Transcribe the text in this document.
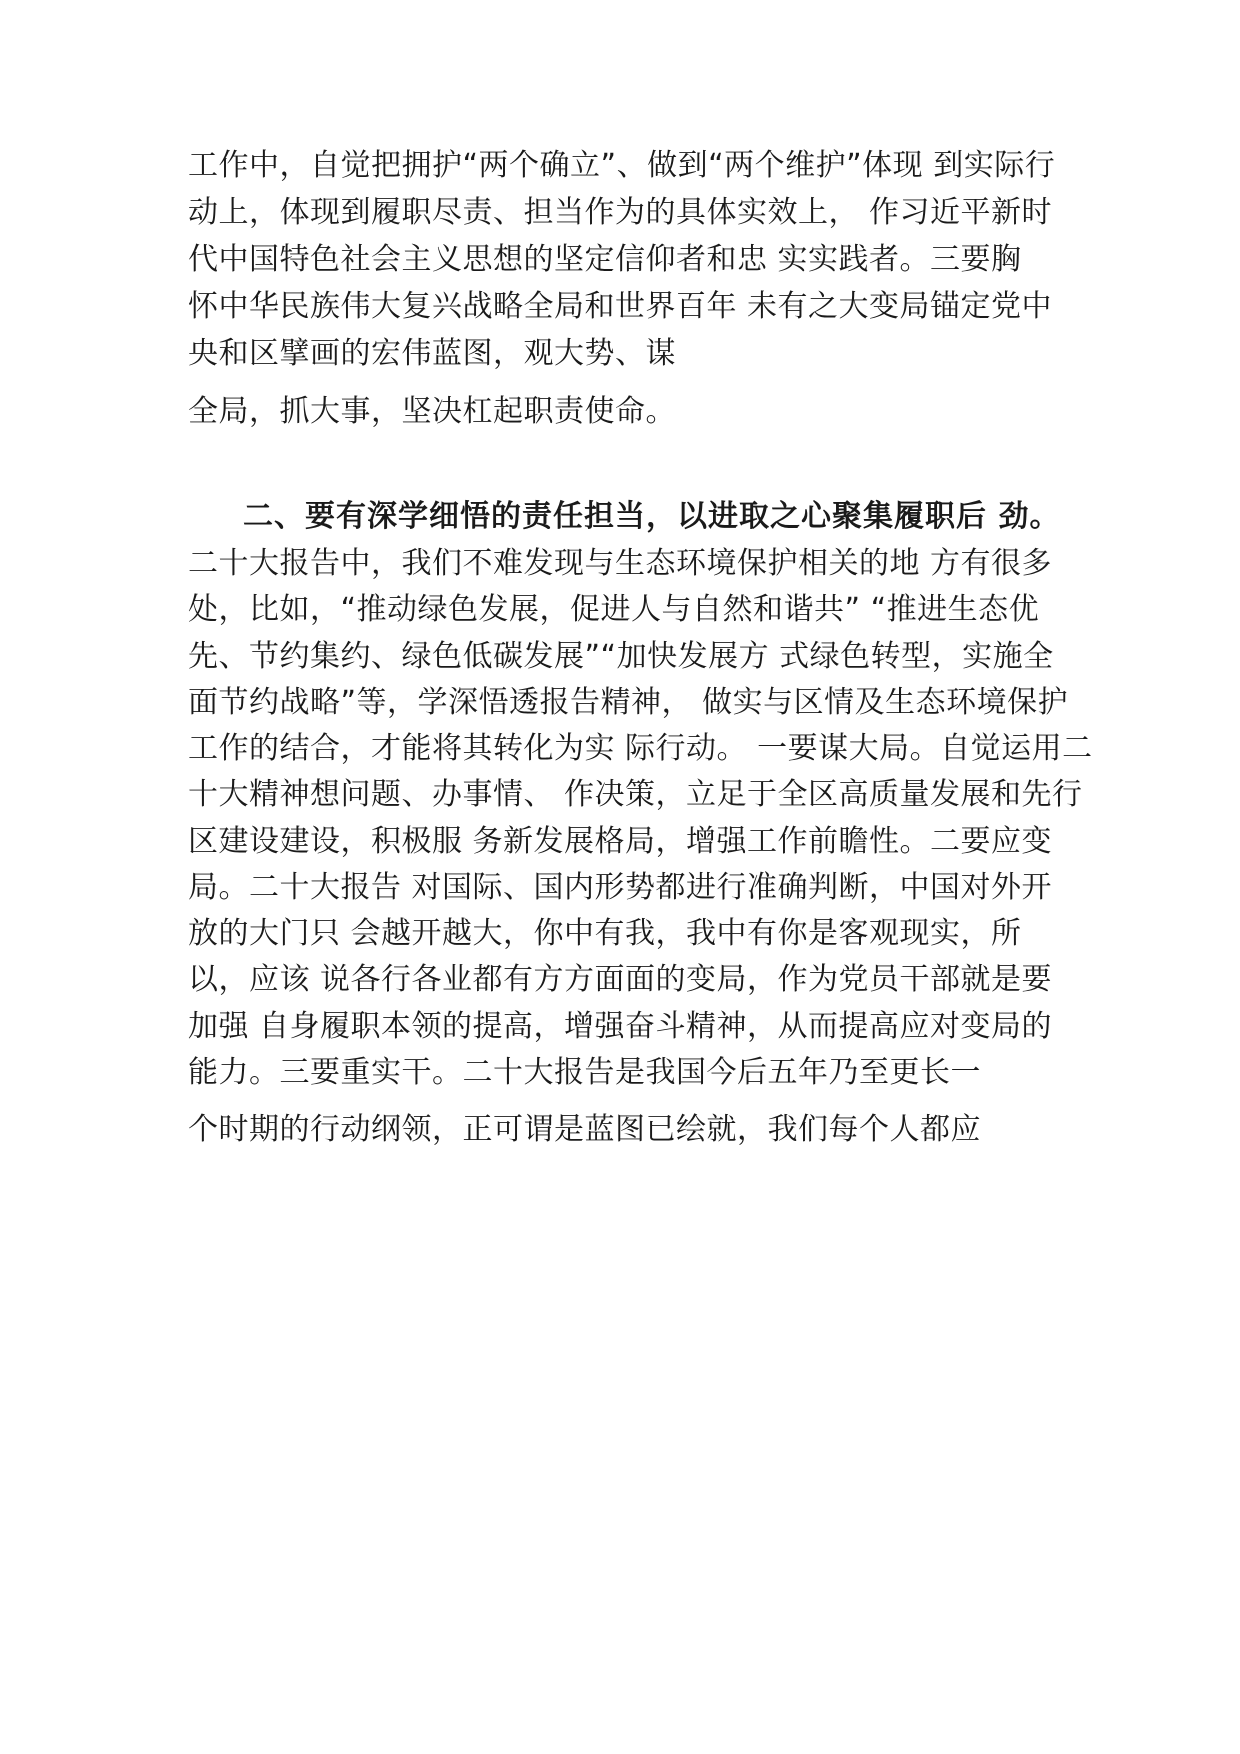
工作中，自觉把拥护“两个确立”、做到“两个维护”体现 到实际行

动上，体现到履职尽责、担当作为的具体实效上， 作习近平新时

代中国特色社会主义思想的坚定信仰者和忠 实实践者。三要胸

怀中华民族伟大复兴战略全局和世界百年 未有之大变局锚定党中

央和区擘画的宏伟蓝图，观大势、谋

全局，抓大事，坚决杠起职责使命。

二、要有深学细悟的责任担当，以进取之心聚集履职后 劲。

二十大报告中，我们不难发现与生态环境保护相关的地 方有很多

处，比如，“推动绿色发展，促进人与自然和谐共” “推进生态优

先、节约集约、绿色低碳发展”“加快发展方 式绿色转型，实施全

面节约战略”等，学深悟透报告精神， 做实与区情及生态环境保护

工作的结合，才能将其转化为实 际行动。 一要谋大局。自觉运用二

十大精神想问题、办事情、 作决策，立足于全区高质量发展和先行

区建设建设，积极服 务新发展格局，增强工作前瞻性。二要应变

局。二十大报告 对国际、国内形势都进行准确判断，中国对外开

放的大门只 会越开越大，你中有我，我中有你是客观现实，所

以，应该 说各行各业都有方方面面的变局，作为党员干部就是要

加强 自身履职本领的提高，增强奋斗精神，从而提高应对变局的

能力。三要重实干。二十大报告是我国今后五年乃至更长一

个时期的行动纲领，正可谓是蓝图已绘就，我们每个人都应
